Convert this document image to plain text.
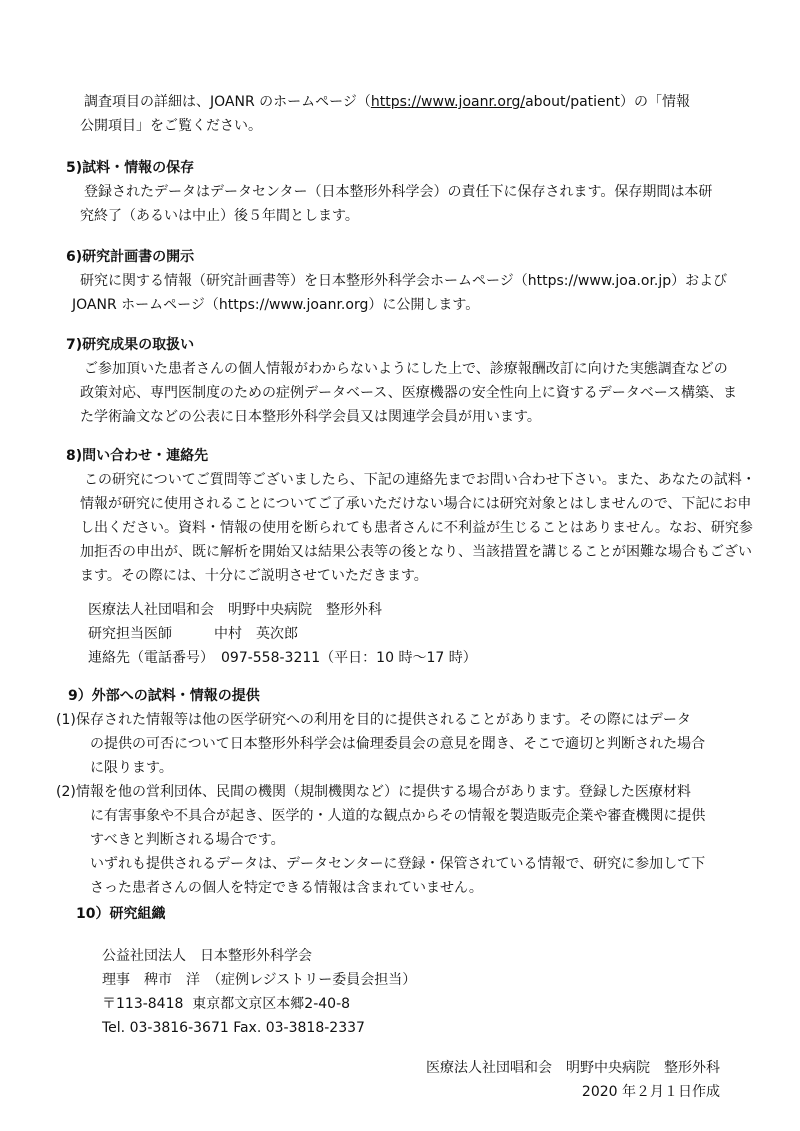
調査項目の詳細は、JOANR のホームページ（https://www.joanr.org/about/patient）の「情報

公開項目」をご覧ください。

5)試料・情報の保存

登録されたデータはデータセンター（日本整形外科学会）の責任下に保存されます。保存期間は本研

究終了（あるいは中止）後５年間とします。

6)研究計画書の開示

研究に関する情報（研究計画書等）を日本整形外科学会ホームページ（https://www.joa.or.jp）および

JOANR ホームページ（https://www.joanr.org）に公開します。

7)研究成果の取扱い

ご参加頂いた患者さんの個人情報がわからないようにした上で、診療報酬改訂に向けた実態調査などの

政策対応、専門医制度のための症例データベース、医療機器の安全性向上に資するデータベース構築、ま

た学術論文などの公表に日本整形外科学会員又は関連学会員が用います。

8)問い合わせ・連絡先

この研究についてご質問等ございましたら、下記の連絡先までお問い合わせ下さい。また、あなたの試料・

情報が研究に使用されることについてご了承いただけない場合には研究対象とはしませんので、下記にお申

し出ください。資料・情報の使用を断られても患者さんに不利益が生じることはありません。なお、研究参

加拒否の申出が、既に解析を開始又は結果公表等の後となり、当該措置を講じることが困難な場合もござい

ます。その際には、十分にご説明させていただきます。

医療法人社団唱和会　明野中央病院　整形外科

研究担当医師　　　中村　英次郎

連絡先（電話番号）　097-558-3211（平日：10 時～17 時）

9）外部への試料・情報の提供

(1) 保存された情報等は他の医学研究への利用を目的に提供されることがあります。その際にはデータ

の提供の可否について日本整形外科学会は倫理委員会の意見を聞き、そこで適切と判断された場合

に限ります。

(2) 情報を他の営利団体、民間の機関（規制機関など）に提供する場合があります。登録した医療材料

に有害事象や不具合が起き、医学的・人道的な観点からその情報を製造販売企業や審査機関に提供

すべきと判断される場合です。

いずれも提供されるデータは、データセンターに登録・保管されている情報で、研究に参加して下

さった患者さんの個人を特定できる情報は含まれていません。

10）研究組織

公益社団法人　日本整形外科学会

理事　稗市　洋　（症例レジストリー委員会担当）

〒113-8418  東京都文京区本郷2-40-8

Tel. 03-3816-3671 Fax. 03-3818-2337

医療法人社団唱和会　明野中央病院　整形外科

2020 年２月１日作成
